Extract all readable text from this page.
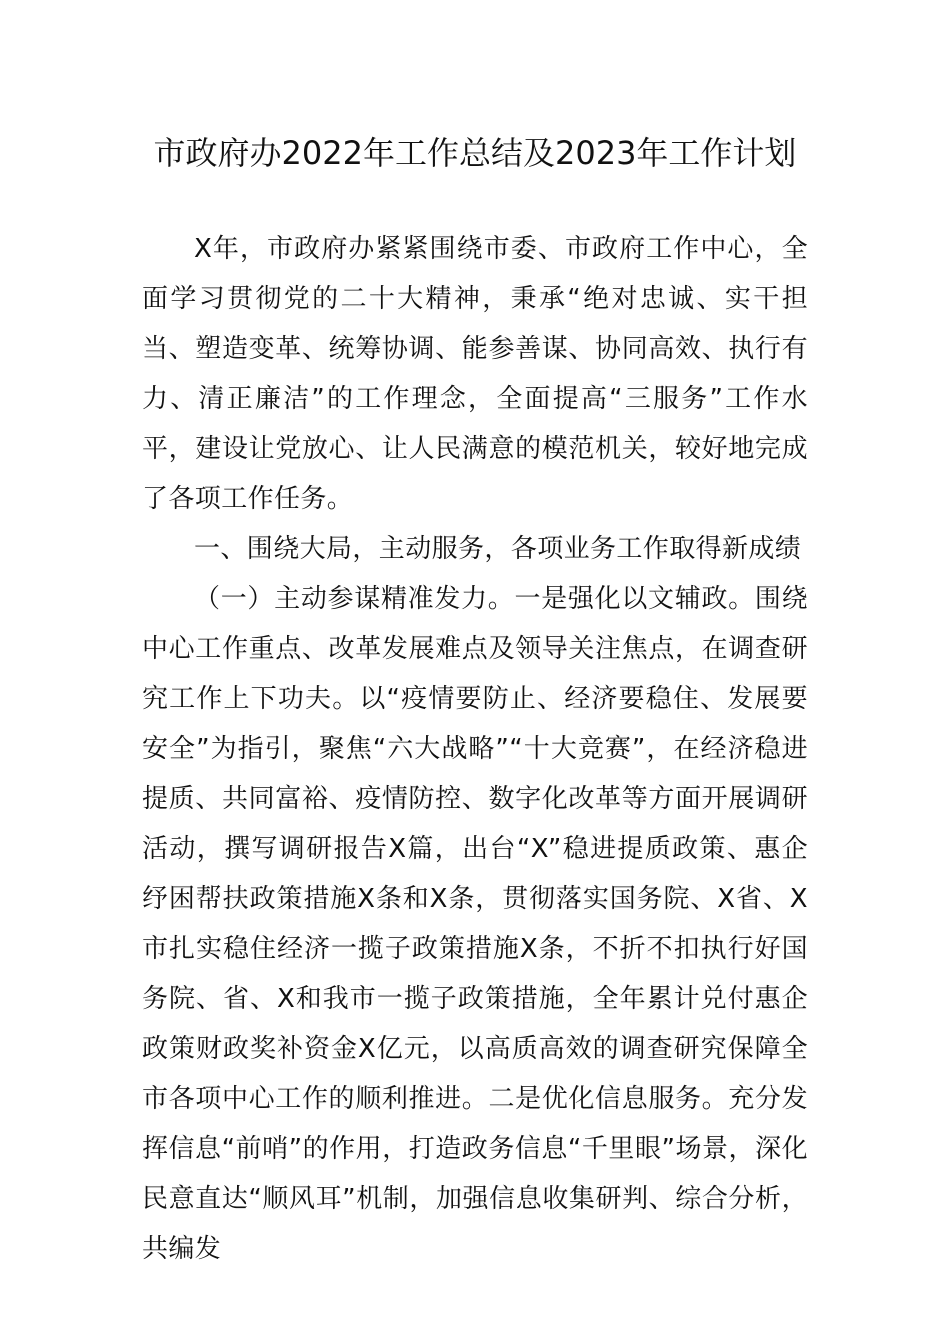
市政府办2022年工作总结及2023年工作计划

X年，市政府办紧紧围绕市委、市政府工作中心，全面学习贯彻党的二十大精神，秉承“绝对忠诚、实干担当、塑造变革、统筹协调、能参善谋、协同高效、执行有力、清正廉洁”的工作理念，全面提高“三服务”工作水平，建设让党放心、让人民满意的模范机关，较好地完成了各项工作任务。

一、围绕大局，主动服务，各项业务工作取得新成绩

（一）主动参谋精准发力。一是强化以文辅政。围绕中心工作重点、改革发展难点及领导关注焦点，在调查研究工作上下功夫。以“疫情要防止、经济要稳住、发展要安全”为指引，聚焦“六大战略”“十大竞赛”，在经济稳进提质、共同富裕、疫情防控、数字化改革等方面开展调研活动，撰写调研报告X篇，出台“X”稳进提质政策、惠企纾困帮扶政策措施X条和X条，贯彻落实国务院、X省、X市扎实稳住经济一揽子政策措施X条，不折不扣执行好国务院、省、X和我市一揽子政策措施，全年累计兑付惠企政策财政奖补资金X亿元，以高质高效的调查研究保障全市各项中心工作的顺利推进。二是优化信息服务。充分发挥信息“前哨”的作用，打造政务信息“千里眼”场景，深化民意直达“顺风耳”机制，加强信息收集研判、综合分析，共编发
